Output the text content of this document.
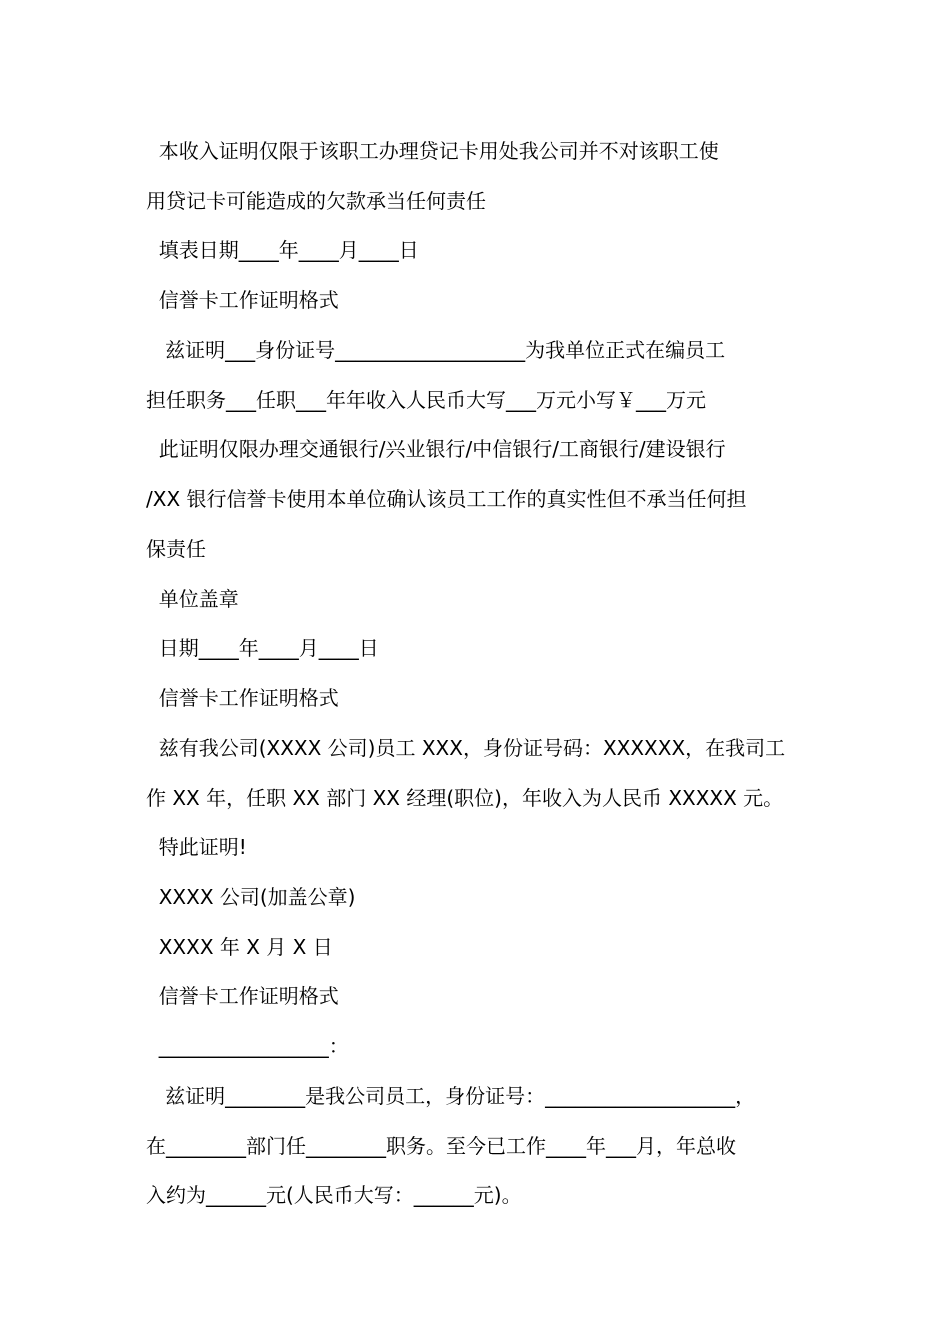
本收入证明仅限于该职工办理贷记卡用处我公司并不对该职工使
用贷记卡可能造成的欠款承当任何责任
填表日期____年____月____日
信誉卡工作证明格式
兹证明___身份证号___________________为我单位正式在编员工
担任职务___任职___年年收入人民币大写___万元小写￥___万元
此证明仅限办理交通银行/兴业银行/中信银行/工商银行/建设银行
/XX 银行信誉卡使用本单位确认该员工工作的真实性但不承当任何担
保责任
单位盖章
日期____年____月____日
信誉卡工作证明格式
兹有我公司(XXXX 公司)员工 XXX，身份证号码：XXXXXX，在我司工
作 XX 年，任职 XX 部门 XX 经理(职位)，年收入为人民币 XXXXX 元。
特此证明!
XXXX 公司(加盖公章)
XXXX 年 X 月 X 日
信誉卡工作证明格式
_________________：
兹证明________是我公司员工，身份证号：___________________，
在________部门任________职务。至今已工作____年___月，年总收
入约为______元(人民币大写：______元)。
